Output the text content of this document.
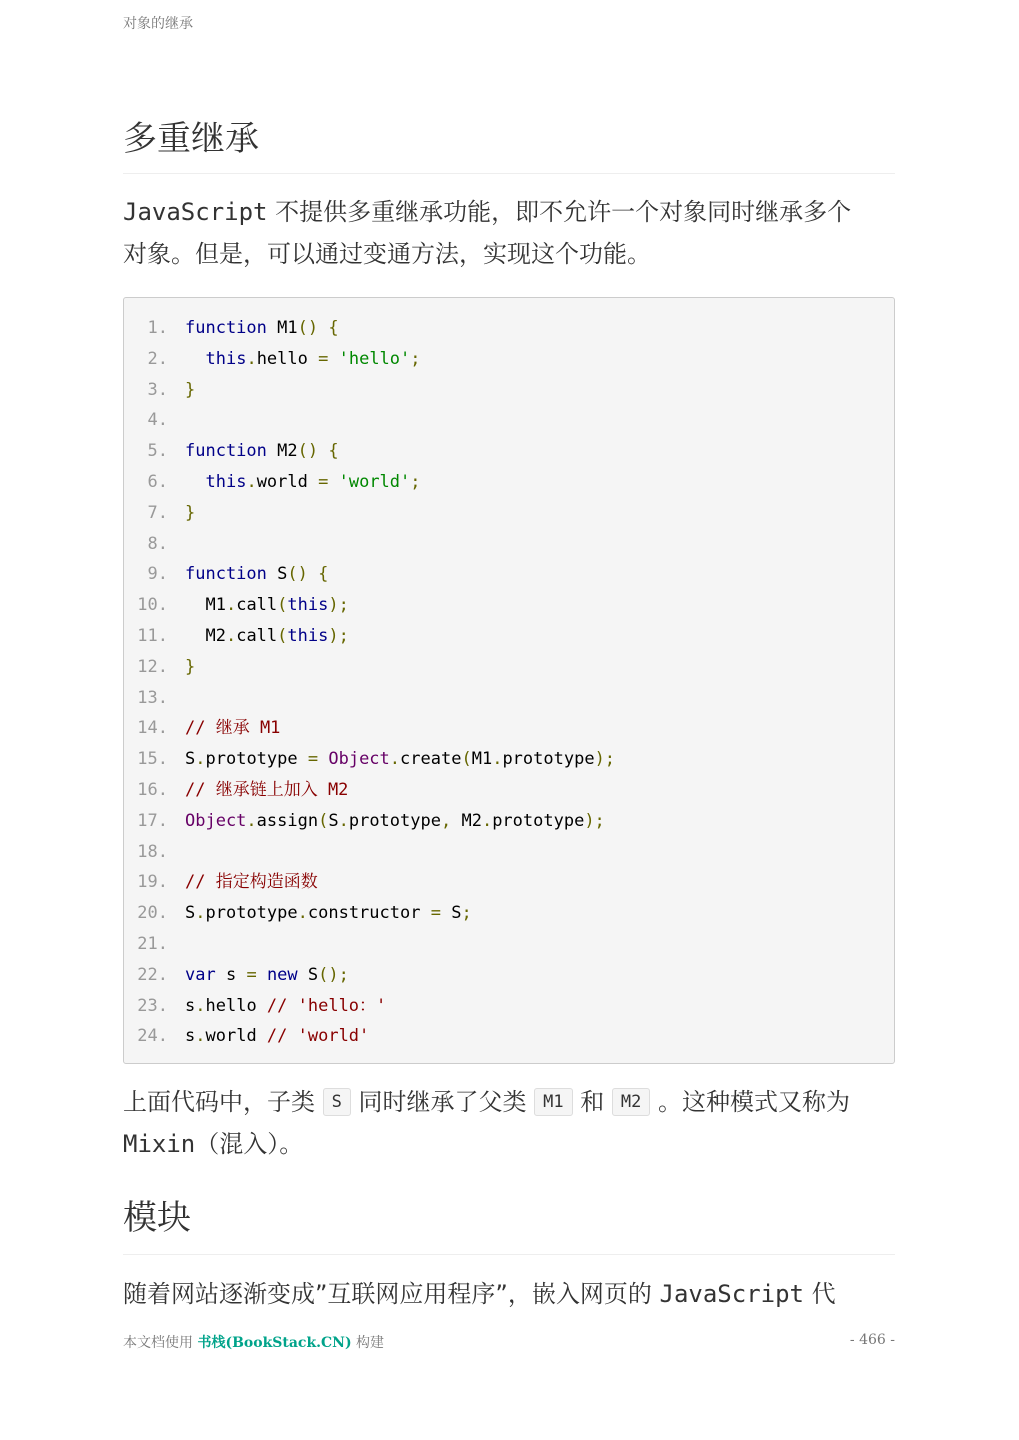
对象的继承
多重继承

JavaScript 不提供多重继承功能，即不允许一个对象同时继承多个
对象。但是，可以通过变通方法，实现这个功能。

1. function M1() {
2.	this.hello = 'hello';
3. }
4.
5. function M2() {
6.	this.world = 'world';
7. }
8.
9. function S() {
10. M1.call(this);
11. M2.call(this);
12. }
13.
14. // 继承 M1
15. S.prototype = Object.create(M1.prototype);
16. // 继承链上加入 M2
17. Object.assign(S.prototype, M2.prototype);
18.
19. // 指定构造函数
20. S.prototype.constructor = S;
21.
22. var s = new S();
23. s.hello // 'hello：'
24. s.world // 'world'

上面代码中，子类 S 同时继承了父类 M1 和 M2 。这种模式又称为
Mixin（混入）。

模块

随着网站逐渐变成”互联网应用程序”，嵌入网页的 JavaScript 代

本文档使用 书栈(BookStack.CN) 构建	- 466 -
